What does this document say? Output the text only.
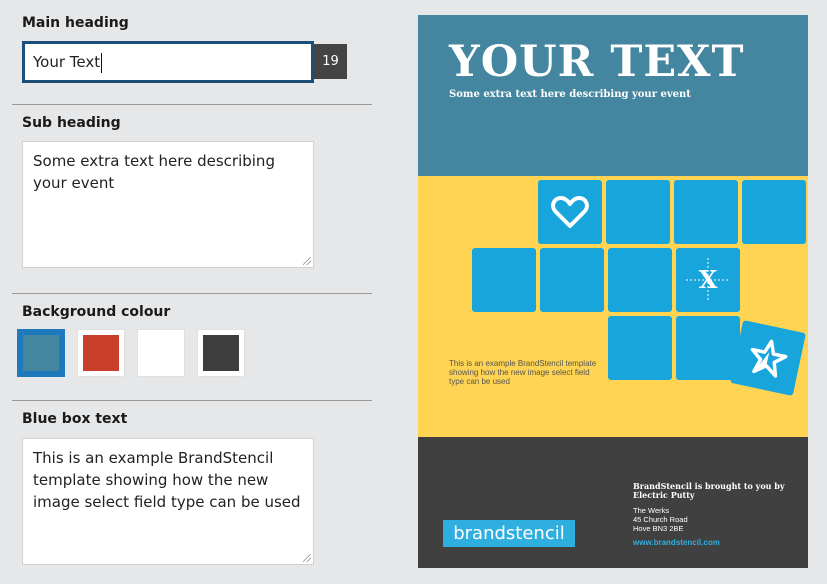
Main heading
Your Text	19
Sub heading
Some extra text here describing your event
Background colour
Blue box text
This is an example BrandStencil template showing how the new image select field type can be used
YOUR TEXT
Some extra text here describing your event
X
This is an example BrandStencil template showing how the new image select field type can be used
brandstencil
BrandStencil is brought to you by Electric Putty
The Werks
45 Church Road
Hove BN3 2BE
www.brandstencil.com
